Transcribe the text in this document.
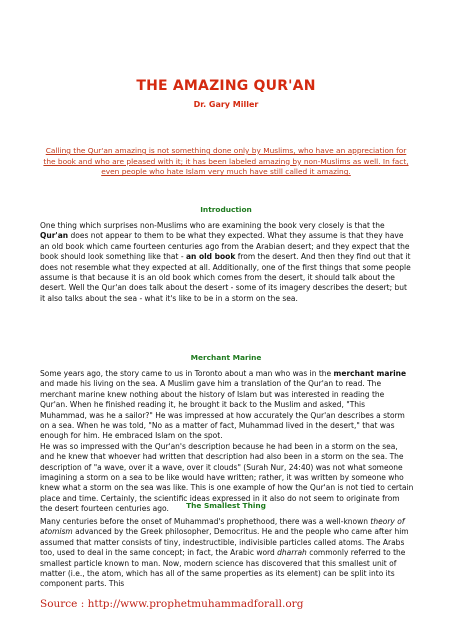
THE AMAZING QUR'AN
Dr. Gary Miller
Calling the Qur'an amazing is not something done only by Muslims, who have an appreciation for the book and who are pleased with it; it has been labeled amazing by non-Muslims as well. In fact, even people who hate Islam very much have still called it amazing.
Introduction

One thing which surprises non-Muslims who are examining the book very closely is that the Qur'an does not appear to them to be what they expected. What they assume is that they have an old book which came fourteen centuries ago from the Arabian desert; and they expect that the book should look something like that - an old book from the desert. And then they find out that it does not resemble what they expected at all. Additionally, one of the first things that some people assume is that because it is an old book which comes from the desert, it should talk about the desert. Well the Qur'an does talk about the desert - some of its imagery describes the desert; but it also talks about the sea - what it's like to be in a storm on the sea.

Merchant Marine

Some years ago, the story came to us in Toronto about a man who was in the merchant marine and made his living on the sea. A Muslim gave him a translation of the Qur'an to read. The merchant marine knew nothing about the history of Islam but was interested in reading the Qur'an. When he finished reading it, he brought it back to the Muslim and asked, "This Muhammad, was he a sailor?" He was impressed at how accurately the Qur'an describes a storm on a sea. When he was told, "No as a matter of fact, Muhammad lived in the desert," that was enough for him. He embraced Islam on the spot.

He was so impressed with the Qur'an's description because he had been in a storm on the sea, and he knew that whoever had written that description had also been in a storm on the sea. The description of "a wave, over it a wave, over it clouds" (Surah Nur, 24:40) was not what someone imagining a storm on a sea to be like would have written; rather, it was written by someone who knew what a storm on the sea was like. This is one example of how the Qur'an is not tied to certain place and time. Certainly, the scientific ideas expressed in it also do not seem to originate from the desert fourteen centuries ago.	The Smallest Thing

Many centuries before the onset of Muhammad's prophethood, there was a well-known theory of atomism advanced by the Greek philosopher, Democritus. He and the people who came after him assumed that matter consists of tiny, indestructible, indivisible particles called atoms. The Arabs too, used to deal in the same concept; in fact, the Arabic word dharrah commonly referred to the smallest particle known to man. Now, modern science has discovered that this smallest unit of matter (i.e., the atom, which has all of the same properties as its element) can be split into its component parts. This

Source : http://www.prophetmuhammadforall.org
